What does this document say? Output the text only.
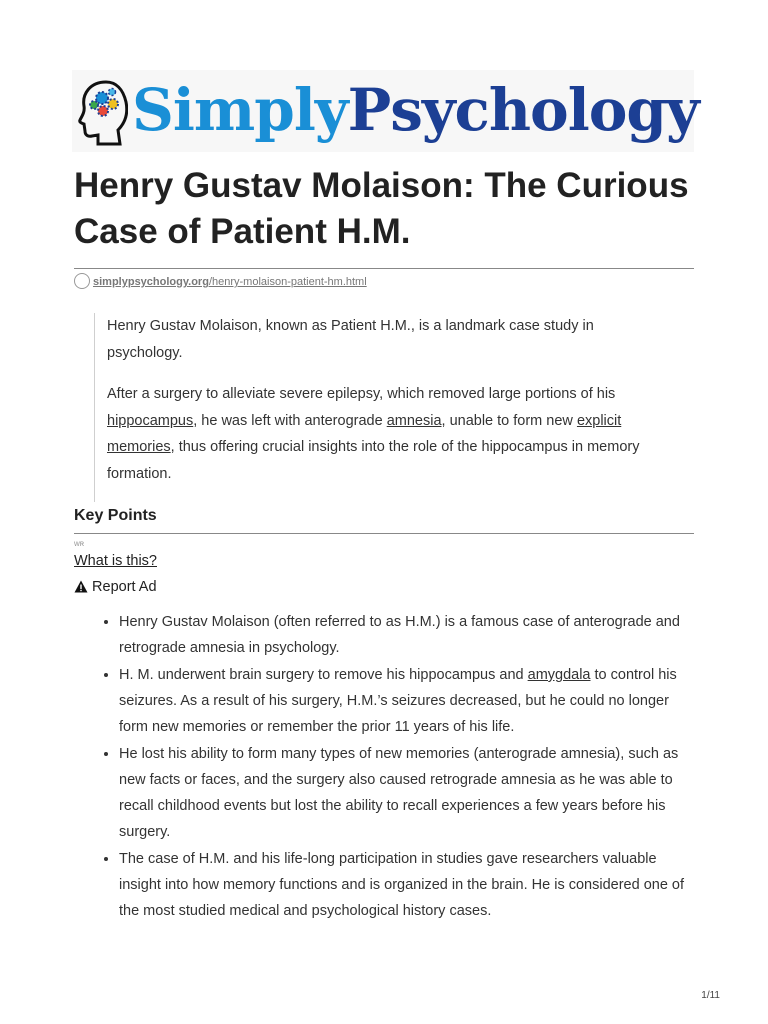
SimplyPsychology
Henry Gustav Molaison: The Curious Case of Patient H.M.
simplypsychology.org/henry-molaison-patient-hm.html

Henry Gustav Molaison, known as Patient H.M., is a landmark case study in psychology.

After a surgery to alleviate severe epilepsy, which removed large portions of his hippocampus, he was left with anterograde amnesia, unable to form new explicit memories, thus offering crucial insights into the role of the hippocampus in memory formation.

Key Points
ᴡʀ
What is this?
Report Ad
• Henry Gustav Molaison (often referred to as H.M.) is a famous case of anterograde and retrograde amnesia in psychology.
• H. M. underwent brain surgery to remove his hippocampus and amygdala to control his seizures. As a result of his surgery, H.M.’s seizures decreased, but he could no longer form new memories or remember the prior 11 years of his life.
• He lost his ability to form many types of new memories (anterograde amnesia), such as new facts or faces, and the surgery also caused retrograde amnesia as he was able to recall childhood events but lost the ability to recall experiences a few years before his surgery.
• The case of H.M. and his life-long participation in studies gave researchers valuable insight into how memory functions and is organized in the brain. He is considered one of the most studied medical and psychological history cases.
1/11
